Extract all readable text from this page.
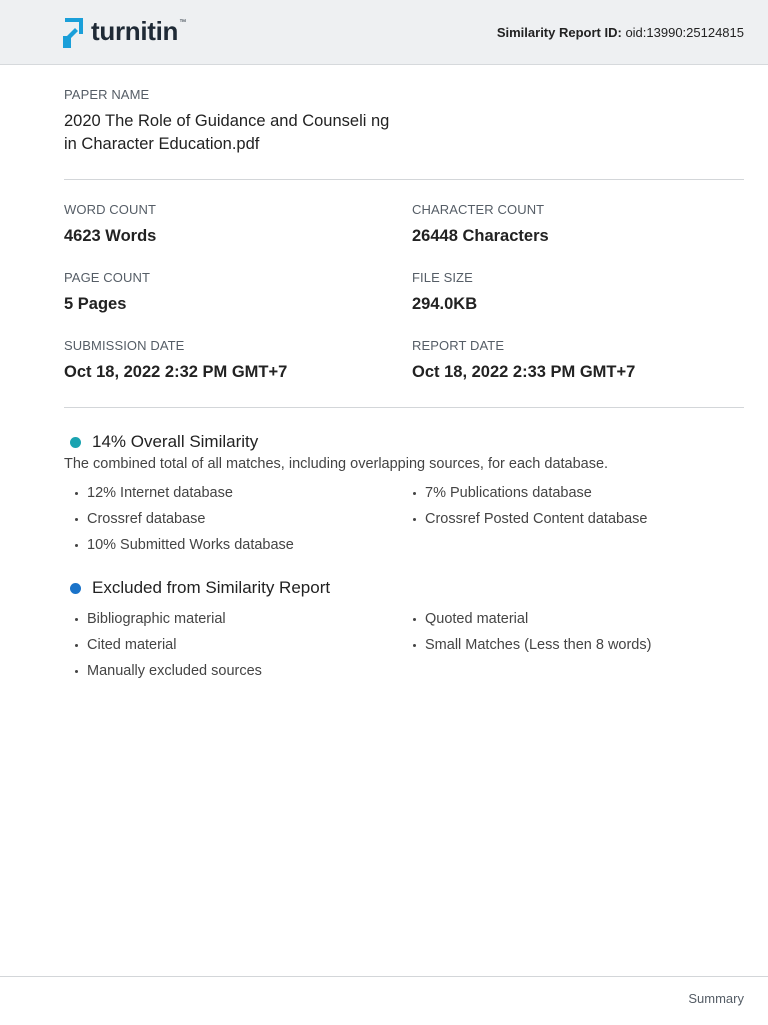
turnitin ™
Similarity Report ID: oid:13990:25124815
PAPER NAME
2020 The Role of Guidance and Counseli ng in Character Education.pdf
WORD COUNT
4623 Words
CHARACTER COUNT
26448 Characters
PAGE COUNT
5 Pages
FILE SIZE
294.0KB
SUBMISSION DATE
Oct 18, 2022 2:32 PM GMT+7
REPORT DATE
Oct 18, 2022 2:33 PM GMT+7
14% Overall Similarity
The combined total of all matches, including overlapping sources, for each database.
12% Internet database
Crossref database
10% Submitted Works database
7% Publications database
Crossref Posted Content database
Excluded from Similarity Report
Bibliographic material
Cited material
Manually excluded sources
Quoted material
Small Matches (Less then 8 words)
Summary
